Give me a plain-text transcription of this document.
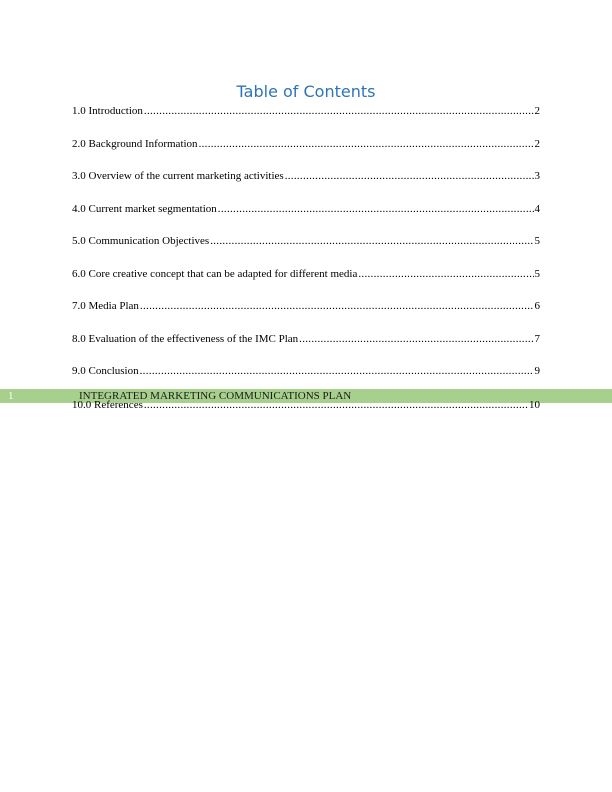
Table of Contents
1.0 Introduction .....	2
2.0 Background Information .....	2
3.0 Overview of the current marketing activities .....	3
4.0 Current market segmentation .....	4
5.0 Communication Objectives .....	5
6.0 Core creative concept that can be adapted for different media .....	5
7.0 Media Plan .....	6
8.0 Evaluation of the effectiveness of the IMC Plan .....	7
9.0 Conclusion .....	9
1	INTEGRATED MARKETING COMMUNICATIONS PLAN
10.0 References .....	10
